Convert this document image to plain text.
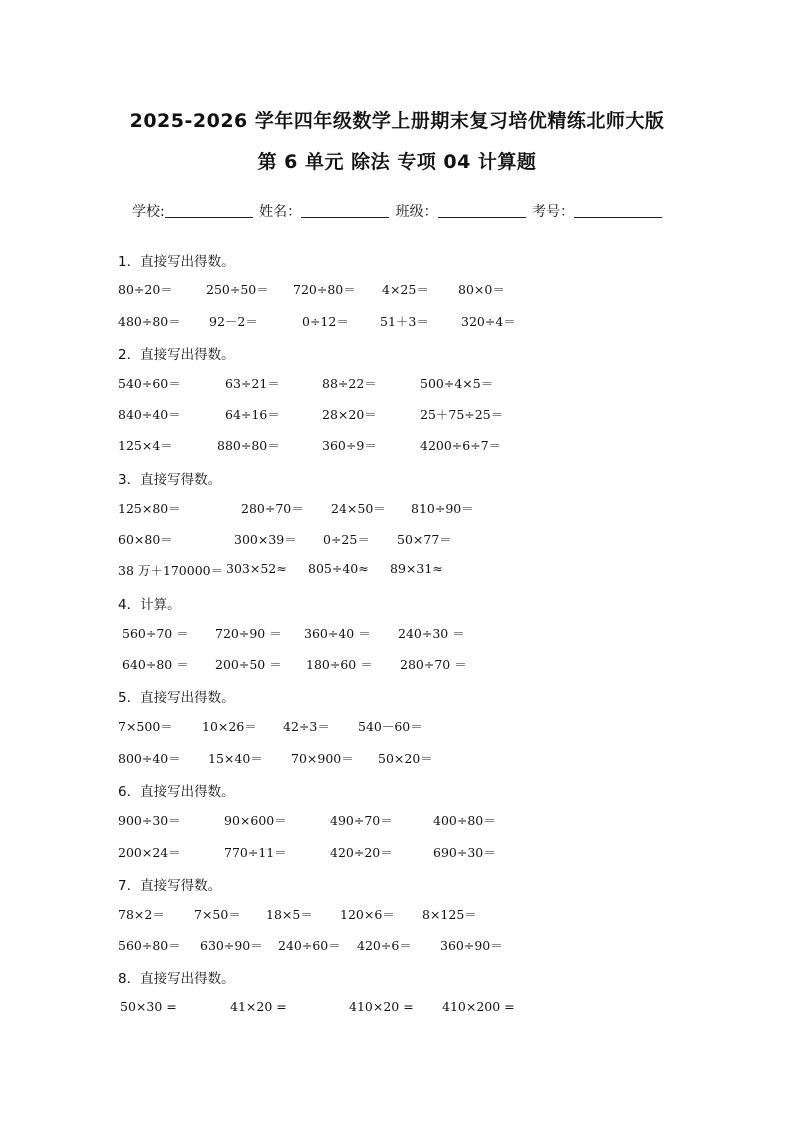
2025-2026 学年四年级数学上册期末复习培优精练北师大版
第 6 单元 除法 专项 04 计算题
学校:	姓名：	班级：	考号：
1．直接写出得数。
80÷20＝	250÷50＝ 720÷80＝ 4×25＝ 80×0＝
480÷80＝ 92－2＝	0÷12＝ 51＋3＝	320÷4＝
2．直接写出得数。
540÷60＝	63÷21＝	88÷22＝	500÷4×5＝
840÷40＝	64÷16＝	28×20＝	25＋75÷25＝
125×4＝	880÷80＝	360÷9＝	4200÷6÷7＝
3．直接写得数。
125×80＝	280÷70＝ 24×50＝ 810÷90＝
60×80＝	300×39＝ 0÷25＝ 50×77＝
38 万＋170000＝ 303×52≈ 805÷40≈ 89×31≈
4．计算。
560÷70 ＝ 720÷90 ＝ 360÷40 ＝ 240÷30 ＝
640÷80 ＝ 200÷50 ＝ 180÷60 ＝ 280÷70 ＝
5．直接写出得数。
7×500＝ 10×26＝ 42÷3＝ 540－60＝
800÷40＝ 15×40＝ 70×900＝ 50×20＝
6．直接写出得数。
900÷30＝	90×600＝	490÷70＝	400÷80＝
200×24＝	770÷11＝	420÷20＝	690÷30＝
7．直接写得数。
78×2＝ 7×50＝ 18×5＝ 120×6＝ 8×125＝
560÷80＝ 630÷90＝ 240÷60＝ 420÷6＝ 360÷90＝
8．直接写出得数。
50×30 =	41×20 =	410×20 = 410×200 =
